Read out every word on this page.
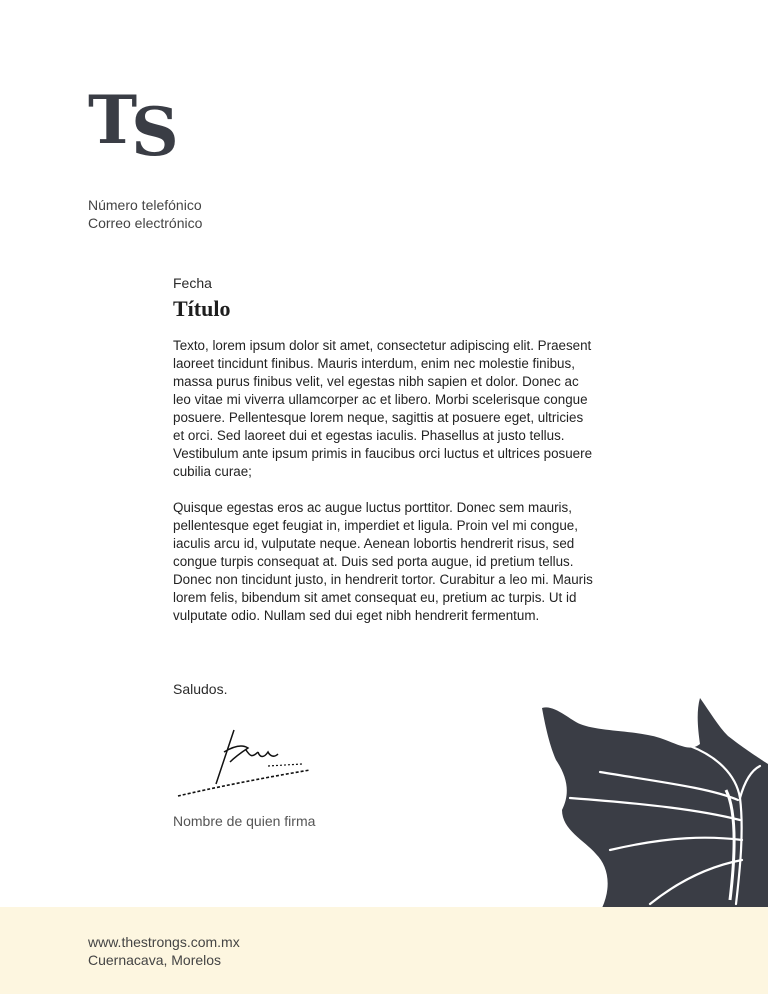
TS
Número telefónico
Correo electrónico
Fecha
Título

Texto, lorem ipsum dolor sit amet, consectetur adipiscing elit. Praesent laoreet tincidunt finibus. Mauris interdum, enim nec molestie finibus, massa purus finibus velit, vel egestas nibh sapien et dolor. Donec ac leo vitae mi viverra ullamcorper ac et libero. Morbi scelerisque congue posuere. Pellentesque lorem neque, sagittis at posuere eget, ultricies et orci. Sed laoreet dui et egestas iaculis. Phasellus at justo tellus. Vestibulum ante ipsum primis in faucibus orci luctus et ultrices posuere cubilia curae;

Quisque egestas eros ac augue luctus porttitor. Donec sem mauris, pellentesque eget feugiat in, imperdiet et ligula. Proin vel mi congue, iaculis arcu id, vulputate neque. Aenean lobortis hendrerit risus, sed congue turpis consequat at. Duis sed porta augue, id pretium tellus. Donec non tincidunt justo, in hendrerit tortor. Curabitur a leo mi. Mauris lorem felis, bibendum sit amet consequat eu, pretium ac turpis. Ut id vulputate odio. Nullam sed dui eget nibh hendrerit fermentum.

Saludos.
Nombre de quien firma
www.thestrongs.com.mx
Cuernacava, Morelos
